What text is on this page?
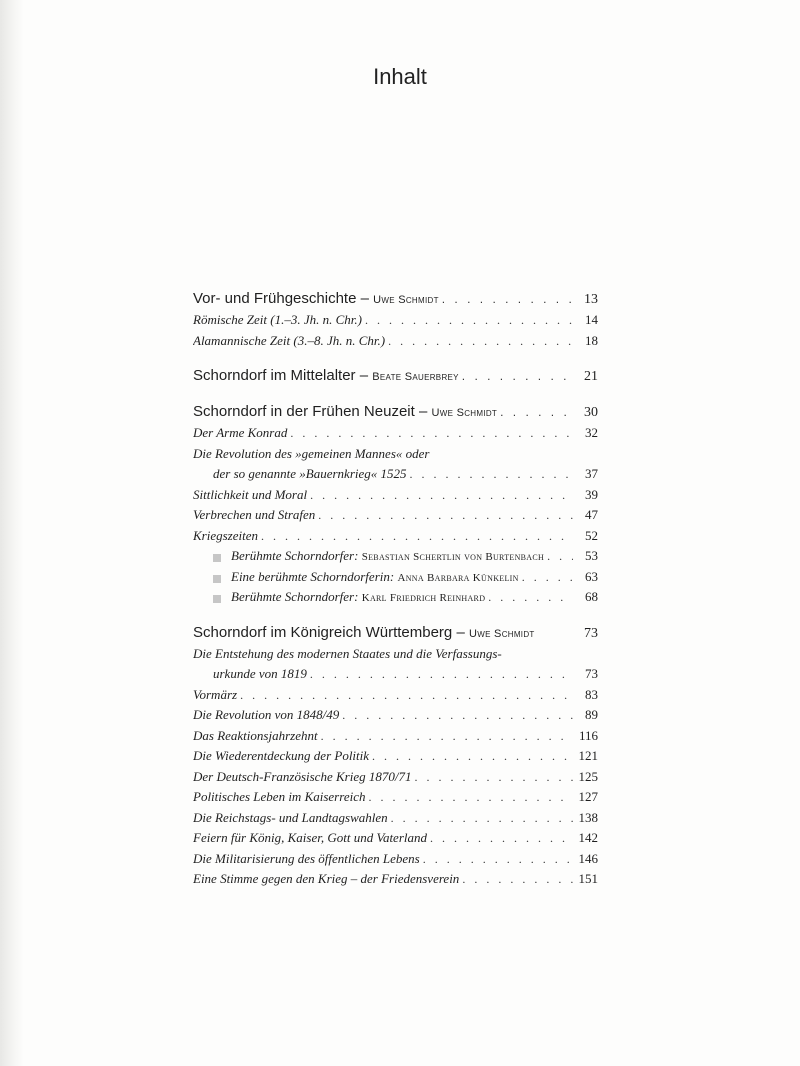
Inhalt
Vor- und Frühgeschichte – Uwe Schmidt . . .	13
Römische Zeit (1.–3. Jh. n. Chr.) . . .	14
Alamannische Zeit (3.–8. Jh. n. Chr.) . . .	18
Schorndorf im Mittelalter – Beate Sauerbrey . . .	21
Schorndorf in der Frühen Neuzeit – Uwe Schmidt . . .	30
Der Arme Konrad . . .	32
Die Revolution des »gemeinen Mannes« oder
der so genannte »Bauernkrieg« 1525 . . .	37
Sittlichkeit und Moral . . .	39
Verbrechen und Strafen . . .	47
Kriegszeiten . . .	52
Berühmte Schorndorfer: Sebastian Schertlin von Burtenbach . . .	53
Eine berühmte Schorndorferin: Anna Barbara Künkelin . . .	63
Berühmte Schorndorfer: Karl Friedrich Reinhard . . .	68
Schorndorf im Königreich Württemberg – Uwe Schmidt	73
Die Entstehung des modernen Staates und die Verfassungs-
urkunde von 1819 . . .	73
Vormärz . . .	83
Die Revolution von 1848/49 . . .	89
Das Reaktionsjahrzehnt . . .	116
Die Wiederentdeckung der Politik . . .	121
Der Deutsch-Französische Krieg 1870/71 . . .	125
Politisches Leben im Kaiserreich . . .	127
Die Reichstags- und Landtagswahlen . . .	138
Feiern für König, Kaiser, Gott und Vaterland . . .	142
Die Militarisierung des öffentlichen Lebens . . .	146
Eine Stimme gegen den Krieg – der Friedensverein . . .	151
